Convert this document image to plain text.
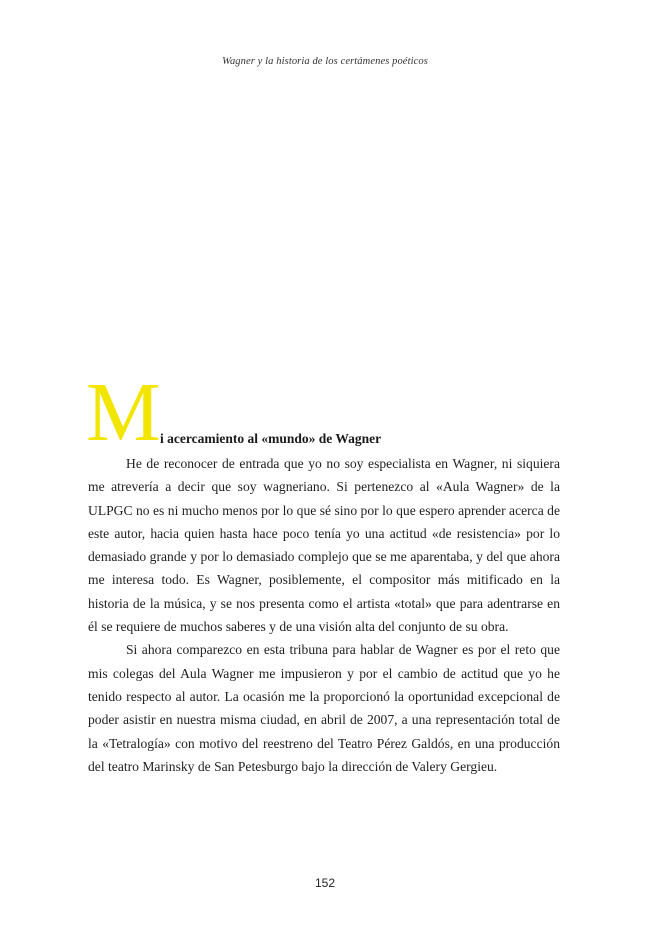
Wagner y la historia de los certámenes poéticos
M i acercamiento al «mundo» de Wagner

He de reconocer de entrada que yo no soy especialista en Wagner, ni siquiera me atrevería a decir que soy wagneriano. Si pertenezco al «Aula Wagner» de la ULPGC no es ni mucho menos por lo que sé sino por lo que espero aprender acerca de este autor, hacia quien hasta hace poco tenía yo una actitud «de resistencia» por lo demasiado grande y por lo demasiado complejo que se me aparentaba, y del que ahora me interesa todo. Es Wagner, posiblemente, el compositor más mitificado en la historia de la música, y se nos presenta como el artista «total» que para adentrarse en él se requiere de muchos saberes y de una visión alta del conjunto de su obra.

Si ahora comparezco en esta tribuna para hablar de Wagner es por el reto que mis colegas del Aula Wagner me impusieron y por el cambio de actitud que yo he tenido respecto al autor. La ocasión me la proporcionó la oportunidad excepcional de poder asistir en nuestra misma ciudad, en abril de 2007, a una representación total de la «Tetralogía» con motivo del reestreno del Teatro Pérez Galdós, en una producción del teatro Marinsky de San Petesburgo bajo la dirección de Valery Gergieu.

152
